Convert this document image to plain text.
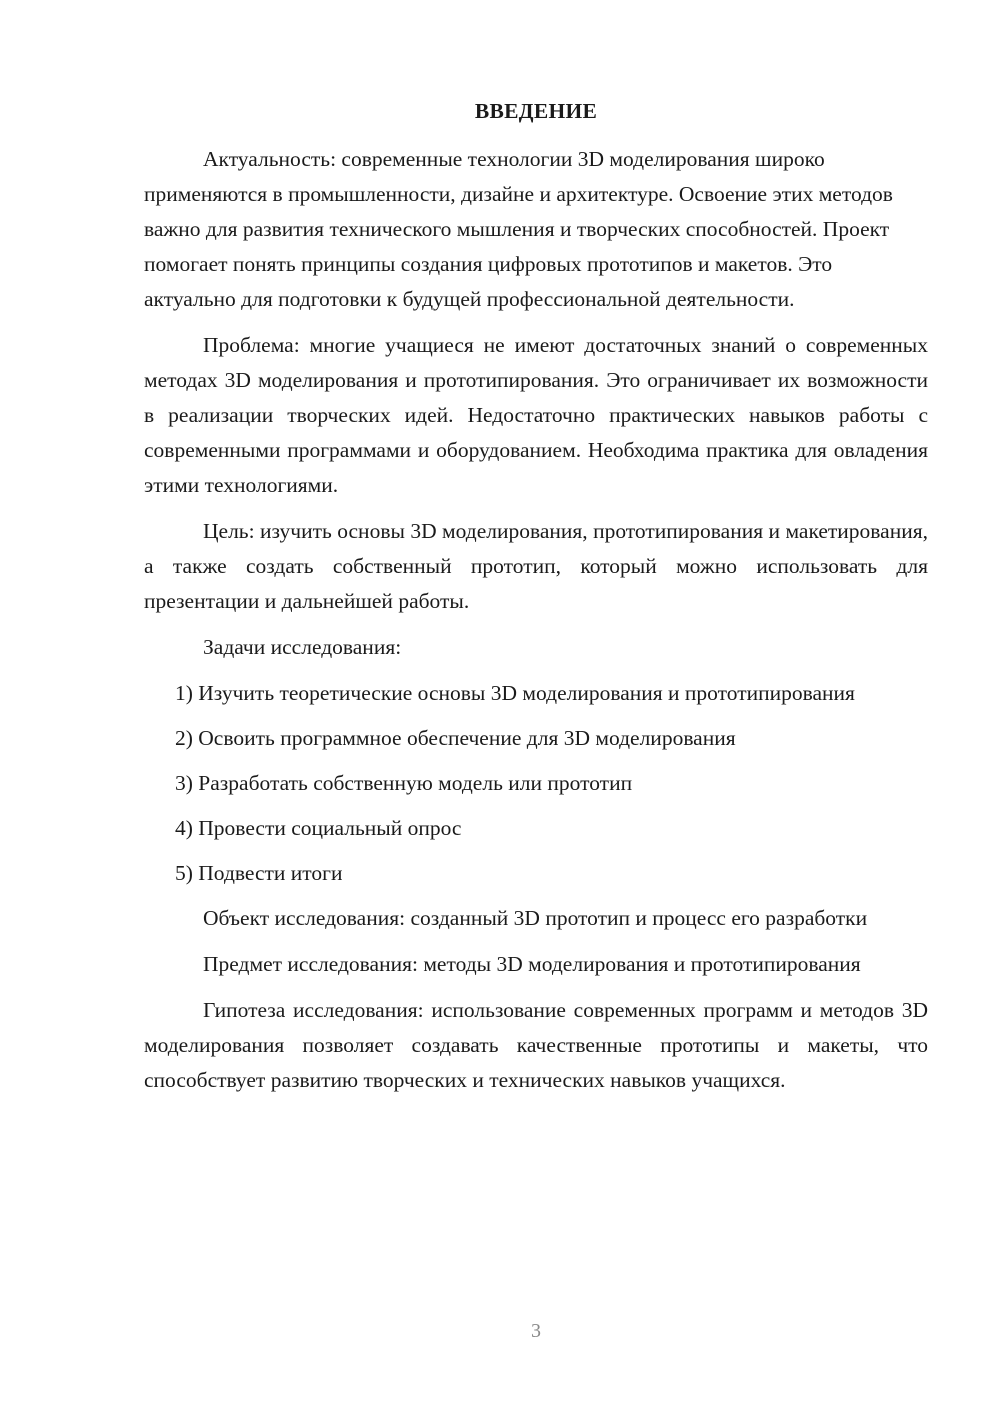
ВВЕДЕНИЕ

Актуальность: современные технологии 3D моделирования широко применяются в промышленности, дизайне и архитектуре. Освоение этих методов важно для развития технического мышления и творческих способностей. Проект помогает понять принципы создания цифровых прототипов и макетов. Это актуально для подготовки к будущей профессиональной деятельности.

Проблема: многие учащиеся не имеют достаточных знаний о современных методах 3D моделирования и прототипирования. Это ограничивает их возможности в реализации творческих идей. Недостаточно практических навыков работы с современными программами и оборудованием. Необходима практика для овладения этими технологиями.

Цель: изучить основы 3D моделирования, прототипирования и макетирования, а также создать собственный прототип, который можно использовать для презентации и дальнейшей работы.

Задачи исследования:

1) Изучить теоретические основы 3D моделирования и прототипирования

2) Освоить программное обеспечение для 3D моделирования

3) Разработать собственную модель или прототип

4) Провести социальный опрос

5) Подвести итоги

Объект исследования: созданный 3D прототип и процесс его разработки

Предмет исследования: методы 3D моделирования и прототипирования

Гипотеза исследования: использование современных программ и методов 3D моделирования позволяет создавать качественные прототипы и макеты, что способствует развитию творческих и технических навыков учащихся.

3
